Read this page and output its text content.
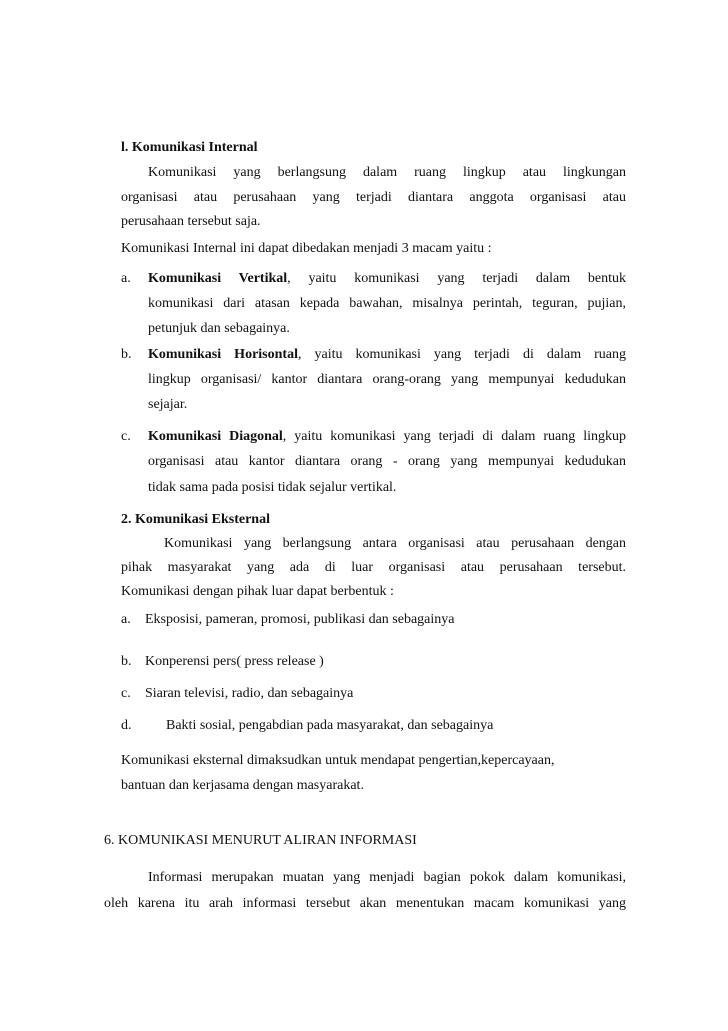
l. Komunikasi Internal
Komunikasi yang berlangsung dalam ruang lingkup atau lingkungan
organisasi atau perusahaan yang terjadi diantara anggota organisasi atau
perusahaan tersebut saja.
Komunikasi Internal ini dapat dibedakan menjadi 3 macam yaitu :
a. Komunikasi Vertikal, yaitu komunikasi yang terjadi dalam bentuk
komunikasi dari atasan kepada bawahan, misalnya perintah, teguran, pujian,
petunjuk dan sebagainya.
b. Komunikasi Horisontal, yaitu komunikasi yang terjadi di dalam ruang
lingkup organisasi/ kantor diantara orang-orang yang mempunyai kedudukan
sejajar.
c. Komunikasi Diagonal, yaitu komunikasi yang terjadi di dalam ruang lingkup
organisasi atau kantor diantara orang - orang yang mempunyai kedudukan
tidak sama pada posisi tidak sejalur vertikal.
2. Komunikasi Eksternal
Komunikasi yang berlangsung antara organisasi atau perusahaan dengan
pihak masyarakat yang ada di luar organisasi atau perusahaan tersebut.
Komunikasi dengan pihak luar dapat berbentuk :
a. Eksposisi, pameran, promosi, publikasi dan sebagainya
b. Konperensi pers( press release )
c. Siaran televisi, radio, dan sebagainya
d. Bakti sosial, pengabdian pada masyarakat, dan sebagainya
Komunikasi eksternal dimaksudkan untuk mendapat pengertian,kepercayaan,
bantuan dan kerjasama dengan masyarakat.
6. KOMUNIKASI MENURUT ALIRAN INFORMASI
Informasi merupakan muatan yang menjadi bagian pokok dalam komunikasi,
oleh karena itu arah informasi tersebut akan menentukan macam komunikasi yang
